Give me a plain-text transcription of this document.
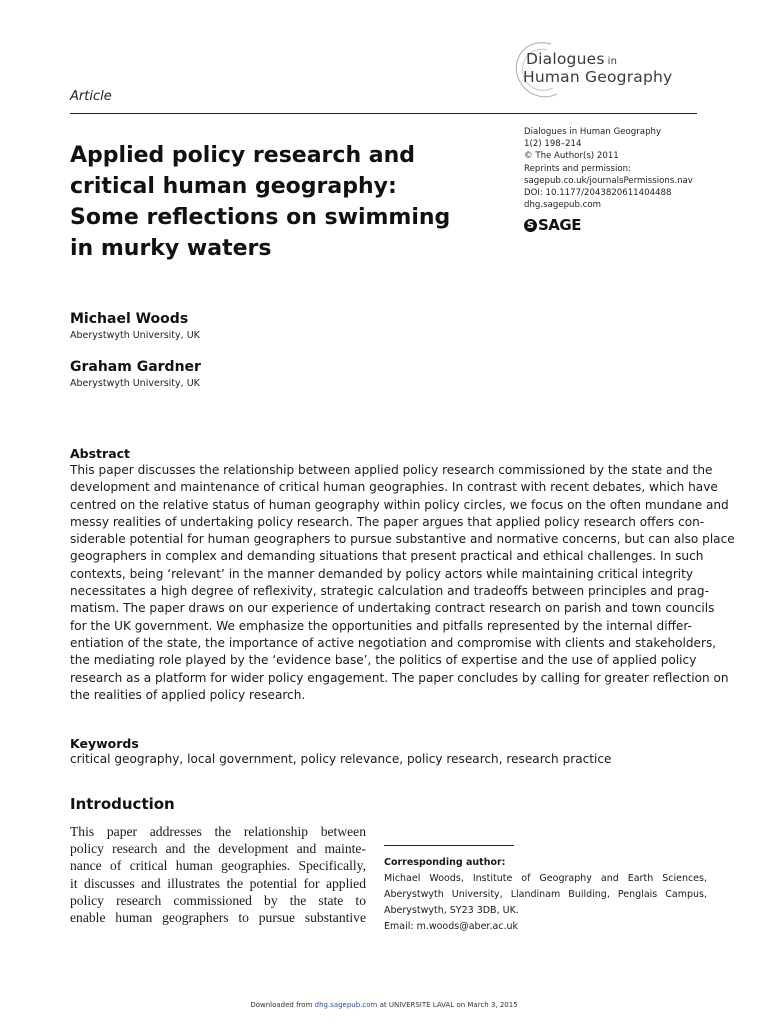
Dialogues in
Human Geography
Article
Applied policy research and
critical human geography:
Some reflections on swimming
in murky waters
Dialogues in Human Geography
1(2) 198–214
© The Author(s) 2011
Reprints and permission:
sagepub.co.uk/journalsPermissions.nav
DOI: 10.1177/2043820611404488
dhg.sagepub.com
S SAGE
Michael Woods
Aberystwyth University, UK
Graham Gardner
Aberystwyth University, UK
Abstract
This paper discusses the relationship between applied policy research commissioned by the state and the
development and maintenance of critical human geographies. In contrast with recent debates, which have
centred on the relative status of human geography within policy circles, we focus on the often mundane and
messy realities of undertaking policy research. The paper argues that applied policy research offers con-
siderable potential for human geographers to pursue substantive and normative concerns, but can also place
geographers in complex and demanding situations that present practical and ethical challenges. In such
contexts, being ‘relevant’ in the manner demanded by policy actors while maintaining critical integrity
necessitates a high degree of reflexivity, strategic calculation and tradeoffs between principles and prag-
matism. The paper draws on our experience of undertaking contract research on parish and town councils
for the UK government. We emphasize the opportunities and pitfalls represented by the internal differ-
entiation of the state, the importance of active negotiation and compromise with clients and stakeholders,
the mediating role played by the ‘evidence base’, the politics of expertise and the use of applied policy
research as a platform for wider policy engagement. The paper concludes by calling for greater reflection on
the realities of applied policy research.
Keywords
critical geography, local government, policy relevance, policy research, research practice
Introduction
This paper addresses the relationship between
policy research and the development and mainte-
nance of critical human geographies. Specifically,
it discusses and illustrates the potential for applied
policy research commissioned by the state to
enable human geographers to pursue substantive
Corresponding author:
Michael Woods, Institute of Geography and Earth Sciences,
Aberystwyth University, Llandinam Building, Penglais Campus,
Aberystwyth, SY23 3DB, UK.
Email: m.woods@aber.ac.uk
Downloaded from dhg.sagepub.com at UNIVERSITE LAVAL on March 3, 2015
